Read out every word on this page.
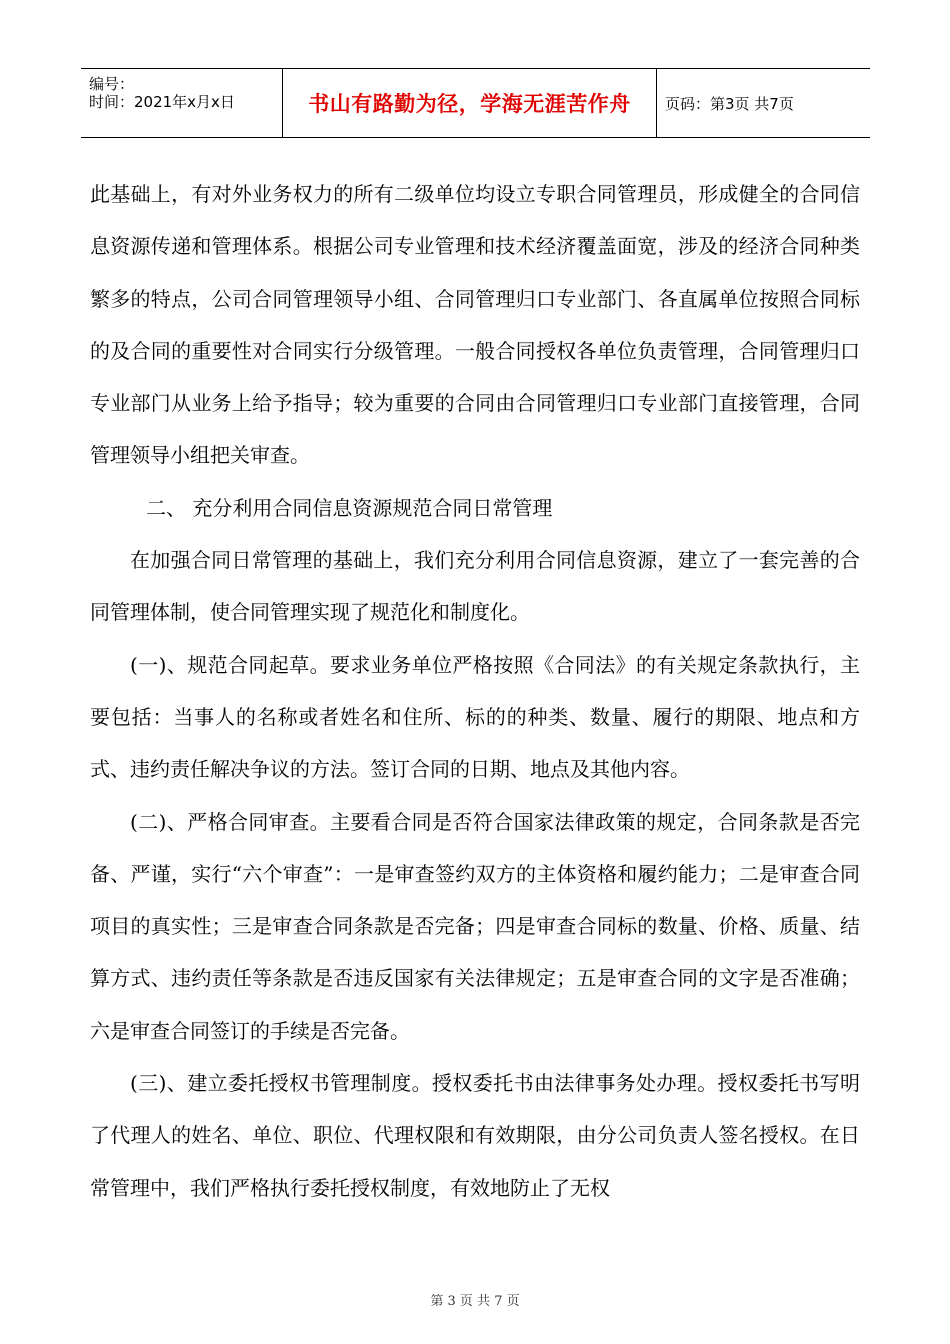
编号：
时间：2021年x月x日	书山有路勤为径，学海无涯苦作舟 页码：第3页 共7页

此基础上，有对外业务权力的所有二级单位均设立专职合同管理员，形成健全的合同信息资源传递和管理体系。根据公司专业管理和技术经济覆盖面宽，涉及的经济合同种类繁多的特点，公司合同管理领导小组、合同管理归口专业部门、各直属单位按照合同标的及合同的重要性对合同实行分级管理。一般合同授权各单位负责管理，合同管理归口专业部门从业务上给予指导；较为重要的合同由合同管理归口专业部门直接管理，合同管理领导小组把关审查。

二、 充分利用合同信息资源规范合同日常管理

在加强合同日常管理的基础上，我们充分利用合同信息资源，建立了一套完善的合同管理体制，使合同管理实现了规范化和制度化。

(一)、规范合同起草。要求业务单位严格按照《合同法》的有关规定条款执行，主要包括：当事人的名称或者姓名和住所、标的的种类、数量、履行的期限、地点和方式、违约责任解决争议的方法。签订合同的日期、地点及其他内容。

(二)、严格合同审查。主要看合同是否符合国家法律政策的规定，合同条款是否完备、严谨，实行“六个审查”：一是审查签约双方的主体资格和履约能力；二是审查合同项目的真实性；三是审查合同条款是否完备；四是审查合同标的数量、价格、质量、结算方式、违约责任等条款是否违反国家有关法律规定；五是审查合同的文字是否准确；六是审查合同签订的手续是否完备。

(三)、建立委托授权书管理制度。授权委托书由法律事务处办理。授权委托书写明了代理人的姓名、单位、职位、代理权限和有效期限，由分公司负责人签名授权。在日常管理中，我们严格执行委托授权制度，有效地防止了无权

第 3 页 共 7 页
